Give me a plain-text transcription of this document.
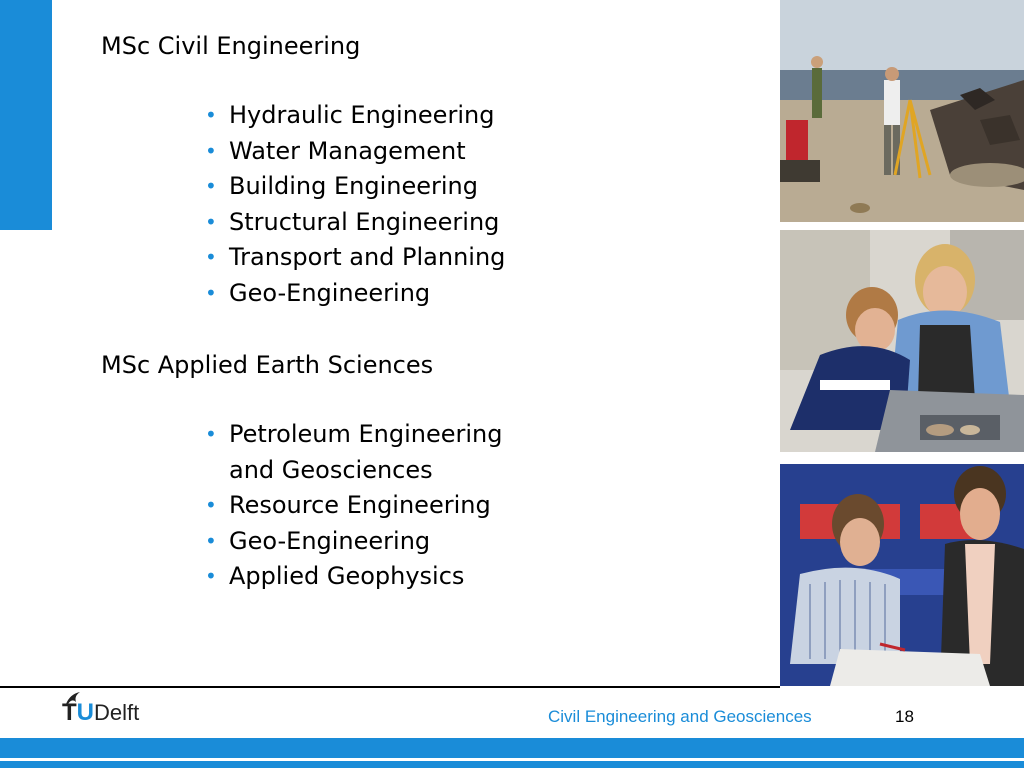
MSc Civil Engineering

• Hydraulic Engineering
• Water Management
• Building Engineering
• Structural Engineering
• Transport and Planning
• Geo-Engineering

MSc Applied Earth Sciences

• Petroleum Engineering
and Geosciences
• Resource Engineering
• Geo-Engineering
• Applied Geophysics
TUDelft	Civil Engineering and Geosciences	18
